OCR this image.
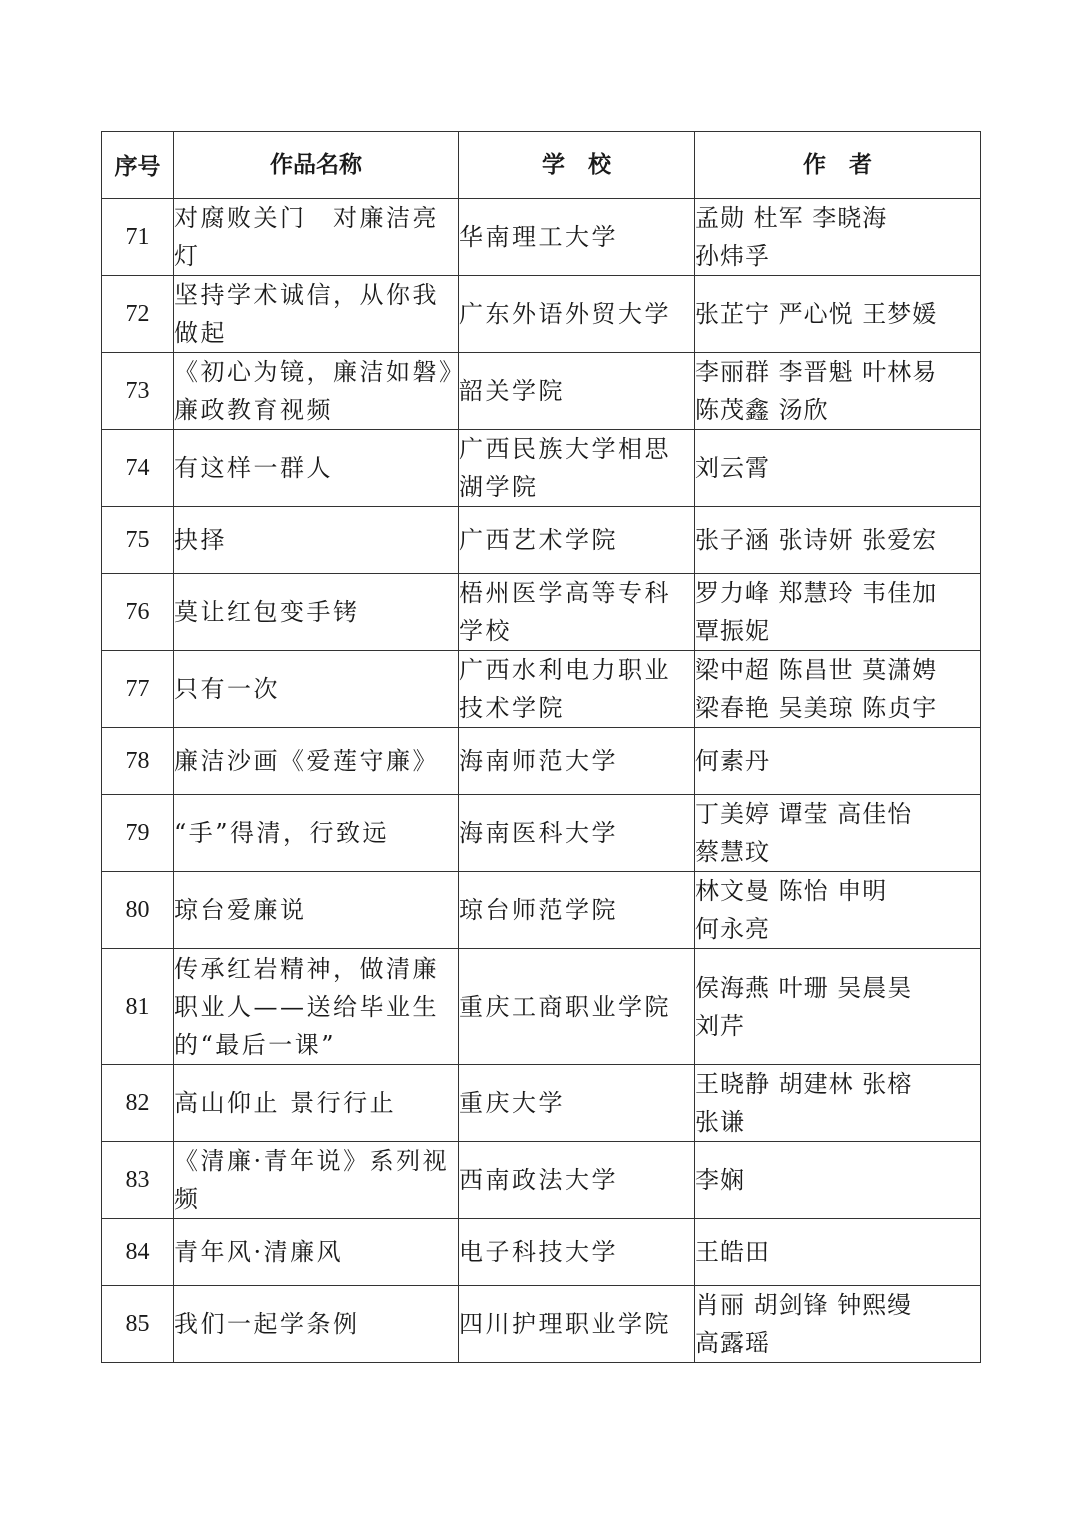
序号	作品名称	学　校	作　者
71	对腐败关门　对廉洁亮灯	华南理工大学	孟勋 杜军 李晓海
孙炜孚

72	坚持学术诚信，从你我做起	广东外语外贸大学	张芷宁 严心悦 王梦媛

73	《初心为镜，廉洁如磐》廉政教育视频	韶关学院	李丽群 李晋魁 叶林易
陈茂鑫 汤欣

74	有这样一群人	广西民族大学相思湖学院	刘云霄

75	抉择	广西艺术学院	张子涵 张诗妍 张爱宏

76	莫让红包变手铐	梧州医学高等专科学校	罗力峰 郑慧玲 韦佳加
覃振妮

77	只有一次	广西水利电力职业技术学院	梁中超 陈昌世 莫潇娉
梁春艳 吴美琼 陈贞宇

78	廉洁沙画《爱莲守廉》	海南师范大学	何素丹

79	“手”得清，行致远	海南医科大学	丁美婷 谭莹 高佳怡
蔡慧玟

80	琼台爱廉说	琼台师范学院	林文曼 陈怡 申明
何永亮

81	传承红岩精神，做清廉职业人——送给毕业生的“最后一课”	重庆工商职业学院	侯海燕 叶珊 吴晨昊
刘芹

82	高山仰止 景行行止	重庆大学	王晓静 胡建林 张榕
张谦

83	《清廉·青年说》系列视频	西南政法大学	李娴

84	青年风·清廉风	电子科技大学	王皓田

85	我们一起学条例	四川护理职业学院	肖丽 胡剑锋 钟熙缦
高露瑶
